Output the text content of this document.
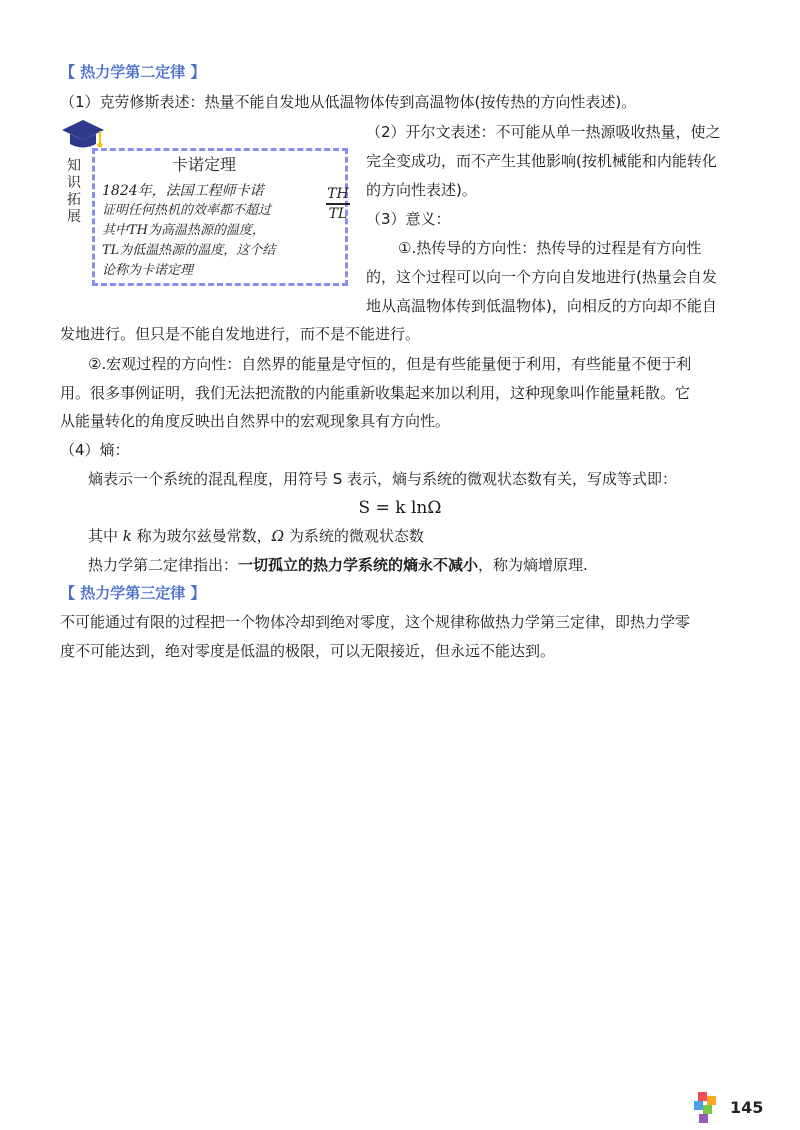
【 热力学第二定律 】
（1）克劳修斯表述：热量不能自发地从低温物体传到高温物体(按传热的方向性表述)。
知识拓展
卡诺定理
1824年，法国工程师卡诺
证明任何热机的效率都不超过
其中TH为高温热源的温度，
TL为低温热源的温度，这个结
论称为卡诺定理
TH
TL
（2）开尔文表述：不可能从单一热源吸收热量，使之
完全变成功，而不产生其他影响(按机械能和内能转化
的方向性表述)。
（3）意义：
①.热传导的方向性：热传导的过程是有方向性
的，这个过程可以向一个方向自发地进行(热量会自发
地从高温物体传到低温物体)，向相反的方向却不能自
发地进行。但只是不能自发地进行，而不是不能进行。
②.宏观过程的方向性：自然界的能量是守恒的，但是有些能量便于利用，有些能量不便于利
用。很多事例证明，我们无法把流散的内能重新收集起来加以利用，这种现象叫作能量耗散。它
从能量转化的角度反映出自然界中的宏观现象具有方向性。
（4）熵：
熵表示一个系统的混乱程度，用符号 S 表示，熵与系统的微观状态数有关，写成等式即：
S = k lnΩ
其中 k 称为玻尔兹曼常数，Ω 为系统的微观状态数
热力学第二定律指出：一切孤立的热力学系统的熵永不减小，称为熵增原理.
【 热力学第三定律 】
不可能通过有限的过程把一个物体冷却到绝对零度，这个规律称做热力学第三定律，即热力学零
度不可能达到，绝对零度是低温的极限，可以无限接近，但永远不能达到。
145
